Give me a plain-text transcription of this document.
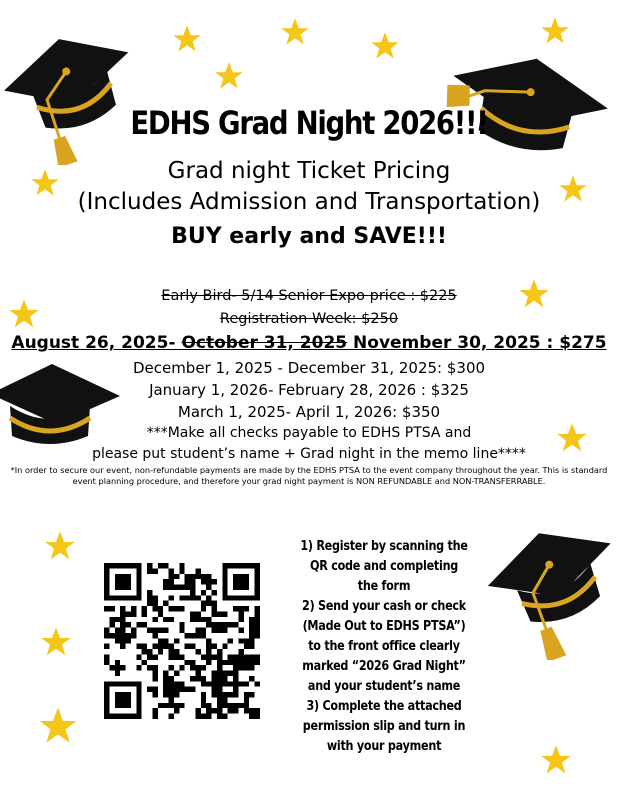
EDHS Grad Night 2026!!!
Grad night Ticket Pricing
(Includes Admission and Transportation)
BUY early and SAVE!!!
Early Bird- 5/14 Senior Expo price : $225
Registration Week: $250
August 26, 2025- October 31, 2025 November 30, 2025 : $275
December 1, 2025 - December 31, 2025: $300
January 1, 2026- February 28, 2026 : $325
March 1, 2025- April 1, 2026: $350
***Make all checks payable to EDHS PTSA and
please put student’s name + Grad night in the memo line****
*In order to secure our event, non-refundable payments are made by the EDHS PTSA to the event company throughout the year. This is standard event planning procedure, and therefore your grad night payment is NON REFUNDABLE and NON-TRANSFERRABLE.
1) Register by scanning the QR code and completing the form
2) Send your cash or check (Made Out to EDHS PTSA”) to the front office clearly marked “2026 Grad Night” and your student’s name
3) Complete the attached permission slip and turn in with your payment
